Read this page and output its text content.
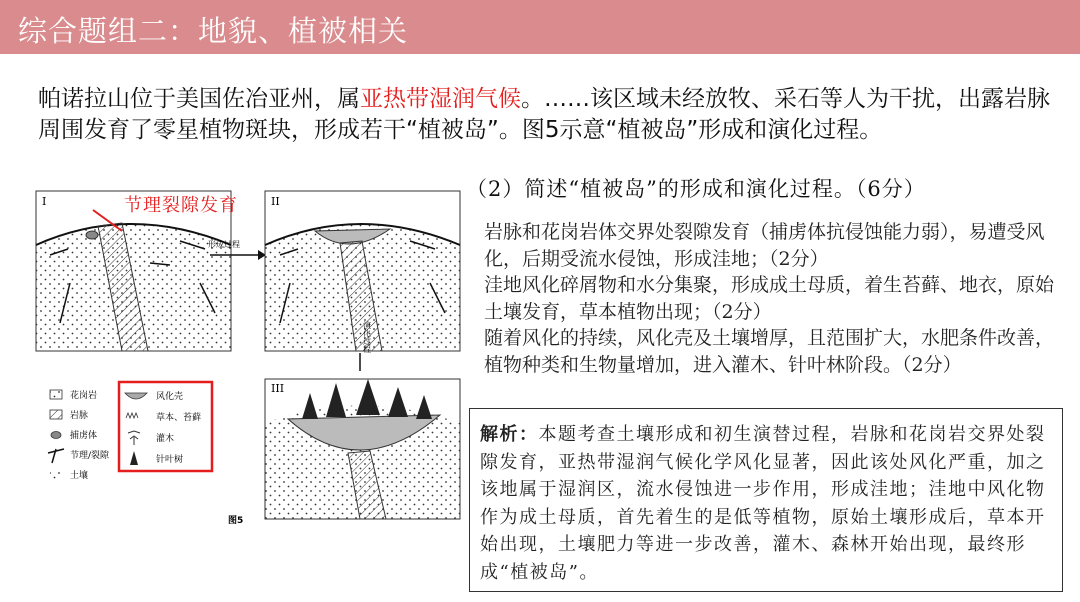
综合题组二：地貌、植被相关
帕诺拉山位于美国佐冶亚州，属亚热带湿润气候。……该区域未经放牧、采石等人为干扰，出露岩脉周围发育了零星植物斑块，形成若干“植被岛”。图5示意“植被岛”形成和演化过程。
（2）简述“植被岛”的形成和演化过程。（6分）

岩脉和花岗岩体交界处裂隙发育（捕虏体抗侵蚀能力弱），易遭受风化，后期受流水侵蚀，形成洼地；（2分）

洼地风化碎屑物和水分集聚，形成成土母质，着生苔藓、地衣，原始土壤发育，草本植物出现；（2分）

随着风化的持续，风化壳及土壤增厚，且范围扩大，水肥条件改善，植物种类和生物量增加，进入灌木、针叶林阶段。（2分）

解析：本题考查土壤形成和初生演替过程，岩脉和花岗岩交界处裂隙发育，亚热带湿润气候化学风化显著，因此该处风化严重，加之该地属于湿润区，流水侵蚀进一步作用，形成洼地；洼地中风化物作为成土母质，首先着生的是低等植物，原始土壤形成后，草本开始出现，土壤肥力等进一步改善，灌木、森林开始出现，最终形成“植被岛”。
I
形成过程
II
演化过程
III
花岗岩
岩脉
捕虏体
节理/裂隙
土壤
风化壳
草本、苔藓
灌木
针叶树
图5
节理裂隙发育
